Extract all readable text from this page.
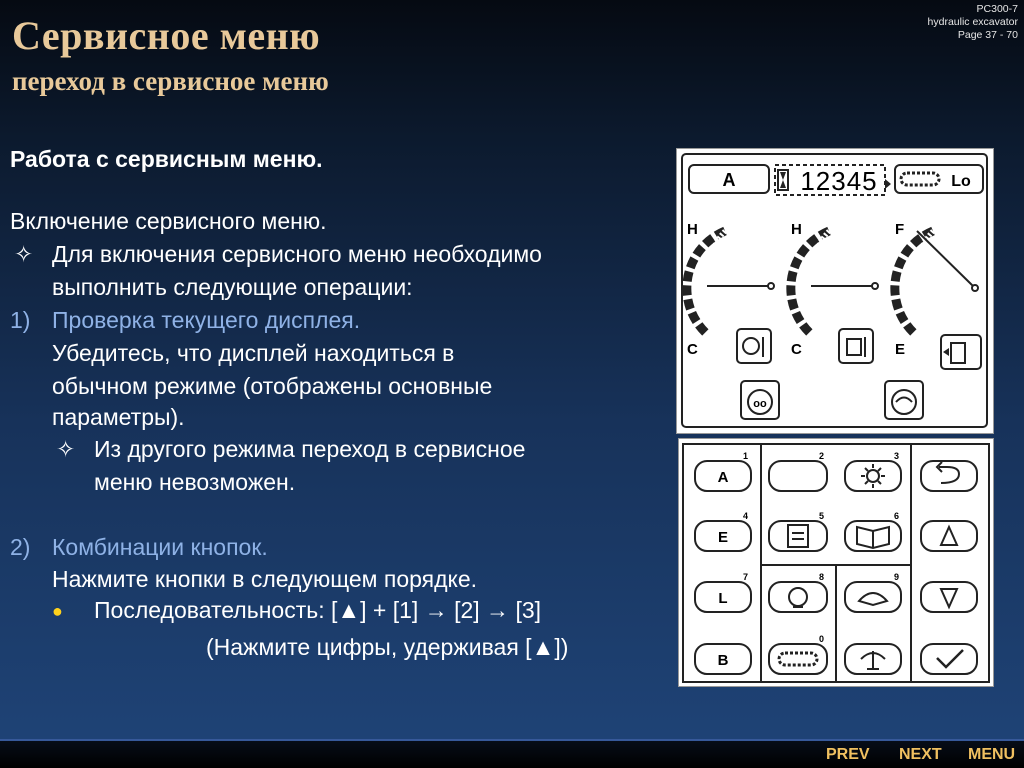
Сервисное меню
переход в сервисное меню
PC300-7
hydraulic excavator
Page 37 - 70
Работа с сервисным меню.
Включение сервисного меню.
✧ Для включения сервисного меню необходимо
выполнить следующие операции:
1) Проверка текущего дисплея.
Убедитесь, что дисплей находиться в
обычном режиме (отображены основные
параметры).
✧ Из другого режима переход в сервисное
меню невозможен.
2) Комбинации кнопок.
Нажмите кнопки в следующем порядке.
● Последовательность: [▲] + [1] → [2] → [3]
(Нажмите цифры, удерживая [▲])
A 12345	Lo
H
C
H
C
F
E
oo
1	2	3
4	5	6
7	8	9
0
A
E
L
B
PREV NEXT MENU
